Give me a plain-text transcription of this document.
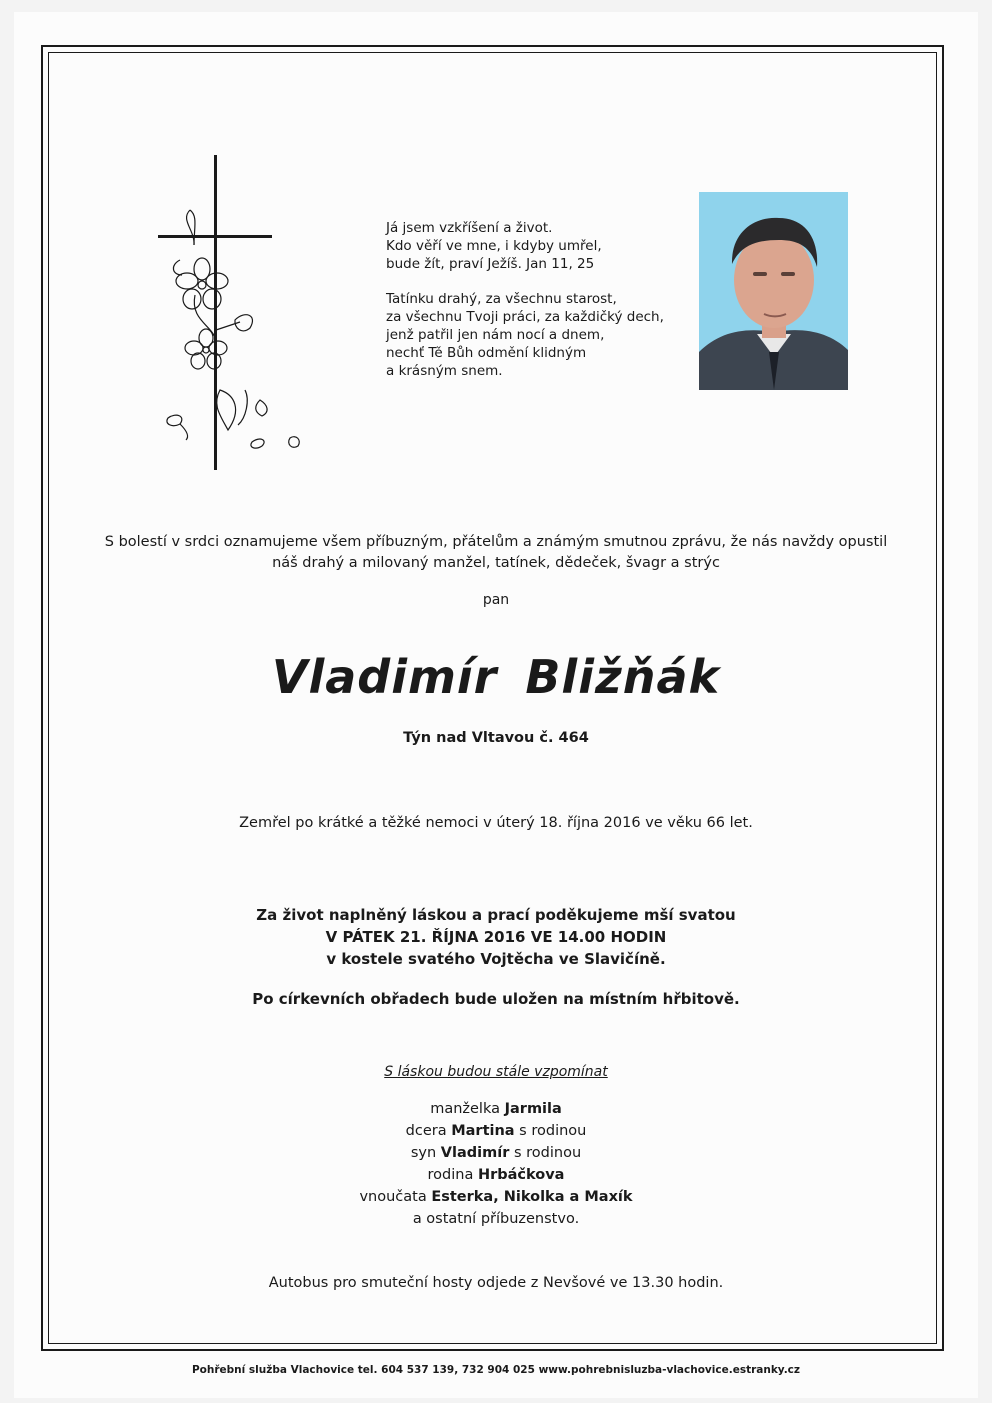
Já jsem vzkříšení a život.

Kdo věří ve mne, i kdyby umřel,

bude žít, praví Ježíš. Jan 11, 25

Tatínku drahý, za všechnu starost,

za všechnu Tvoji práci, za každičký dech,

jenž patřil jen nám nocí a dnem,

nechť Tě Bůh odmění klidným

a krásným snem.

S bolestí v srdci oznamujeme všem příbuzným, přátelům a známým smutnou zprávu, že nás navždy opustil

náš drahý a milovaný manžel, tatínek, dědeček, švagr a strýc

pan
Vladimír Bližňák
Týn nad Vltavou č. 464
Zemřel po krátké a těžké nemoci v úterý 18. října 2016 ve věku 66 let.

Za život naplněný láskou a prací poděkujeme mší svatou

V PÁTEK 21. ŘÍJNA 2016 VE 14.00 HODIN

v kostele svatého Vojtěcha ve Slavičíně.

Po církevních obřadech bude uložen na místním hřbitově.
S láskou budou stále vzpomínat

manželka Jarmila

dcera Martina s rodinou

syn Vladimír s rodinou

rodina Hrbáčkova

vnoučata Esterka, Nikolka a Maxík

a ostatní příbuzenstvo.

Autobus pro smuteční hosty odjede z Nevšové ve 13.30 hodin.
Pohřební služba Vlachovice tel. 604 537 139, 732 904 025 www.pohrebnisluzba-vlachovice.estranky.cz
